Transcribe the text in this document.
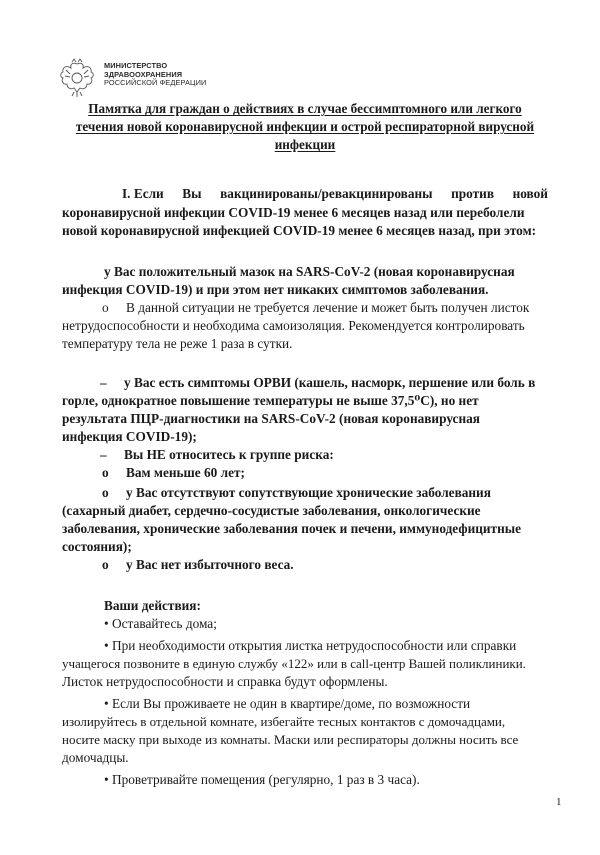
МИНИСТЕРСТВО
ЗДРАВООХРАНЕНИЯ
РОССИЙСКОЙ ФЕДЕРАЦИИ
Памятка для граждан о действиях в случае бессимптомного или легкого
течения новой коронавирусной инфекции и острой респираторной вирусной
инфекции
I. Если Вы вакцинированы/ревакцинированы против новой
коронавирусной инфекции COVID-19 менее 6 месяцев назад или переболели
новой коронавирусной инфекцией COVID-19 менее 6 месяцев назад, при этом:
у Вас положительный мазок на SARS-CoV-2 (новая коронавирусная
инфекция COVID-19) и при этом нет никаких симптомов заболевания.
o В данной ситуации не требуется лечение и может быть получен листок
нетрудоспособности и необходима самоизоляция. Рекомендуется контролировать
температуру тела не реже 1 раза в сутки.
– у Вас есть симптомы ОРВИ (кашель, насморк, першение или боль в
горле, однократное повышение температуры не выше 37,5⁰С), но нет
результата ПЦР-диагностики на SARS-CoV-2 (новая коронавирусная
инфекция COVID-19);
– Вы НЕ относитесь к группе риска:
o Вам меньше 60 лет;
o у Вас отсутствуют сопутствующие хронические заболевания
(сахарный диабет, сердечно-сосудистые заболевания, онкологические
заболевания, хронические заболевания почек и печени, иммунодефицитные
состояния);
o у Вас нет избыточного веса.
Ваши действия:
• Оставайтесь дома;
• При необходимости открытия листка нетрудоспособности или справки
учащегося позвоните в единую службу «122» или в call-центр Вашей поликлиники.
Листок нетрудоспособности и справка будут оформлены.
• Если Вы проживаете не один в квартире/доме, по возможности
изолируйтесь в отдельной комнате, избегайте тесных контактов с домочадцами,
носите маску при выходе из комнаты. Маски или респираторы должны носить все
домочадцы.
• Проветривайте помещения (регулярно, 1 раз в 3 часа).
1
